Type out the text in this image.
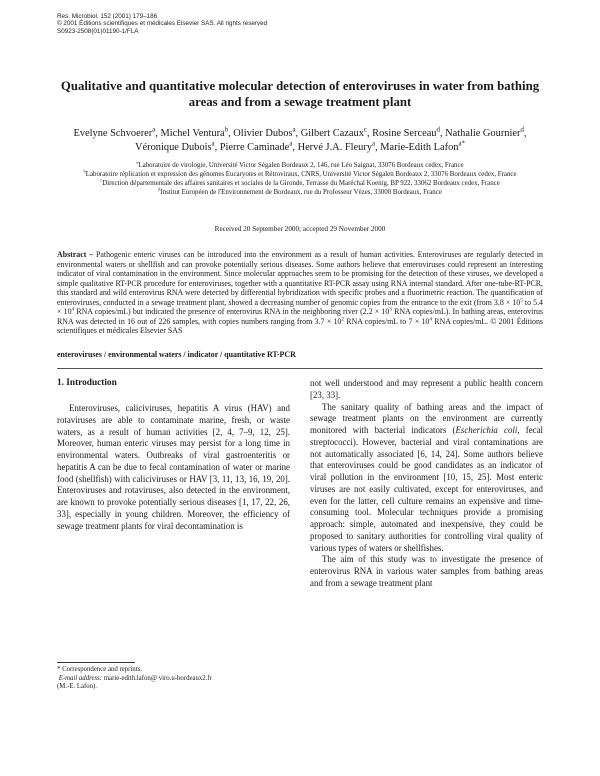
Res. Microbiol. 152 (2001) 179–186
© 2001 Éditions scientifiques et médicales Elsevier SAS. All rights reserved
S0923-2508(01)01190-1/FLA
Qualitative and quantitative molecular detection of enteroviruses in water from bathing areas and from a sewage treatment plant
Evelyne Schvoerer$^a$, Michel Ventura$^b$, Olivier Dubos$^a$, Gilbert Cazaux$^c$, Rosine Serceau$^d$, Nathalie Gournier$^d$, Véronique Dubois$^a$, Pierre Caminade$^a$, Hervé J.A. Fleury$^a$, Marie-Edith Lafon$^{a*}$
$^a$Laboratoire de virologie, Université Victor Ségalen Bordeaux 2, 146, rue Léo Saignat, 33076 Bordeaux cedex, France
$^b$Laboratoire réplication et expression des génomes Eucaryotes et Rétroviraux, CNRS, Université Victor Ségalen Bordeaux 2, 33076 Bordeaux cedex, France
$^c$Direction départementale des affaires sanitaires et sociales de la Gironde, Terrasse du Maréchal Koenig, BP 922, 33062 Bordeaux cedex, France
$^d$Institut Européen de l'Environnement de Bordeaux, rue du Professeur Vèzes, 33000 Bordeaux, France
Received 20 September 2000; accepted 29 November 2000
Abstract – Pathogenic enteric viruses can be introduced into the environment as a result of human activities. Enteroviruses are regularly detected in environmental waters or shellfish and can provoke potentially serious diseases. Some authors believe that enteroviruses could represent an interesting indicator of viral contamination in the environment. Since molecular approaches seem to be promising for the detection of these viruses, we developed a simple qualitative RT-PCR procedure for enteroviruses, together with a quantitative RT-PCR assay using RNA internal standard. After one-tube-RT-PCR, this standard and wild enterovirus RNA were detected by differential hybridization with specific probes and a fluorimetric reaction. The quantification of enteroviruses, conducted in a sewage treatment plant, showed a decreasing number of genomic copies from the entrance to the exit (from $3.8 \times 10^5$ to $5.4 \times 10^4$ RNA copies/mL) but indicated the presence of enterovirus RNA in the neighboring river ($2.2 \times 10^3$ RNA copies/mL). In bathing areas, enterovirus RNA was detected in 16 out of 226 samples, with copies numbers ranging from $3.7 \times 10^2$ RNA copies/mL to $7 \times 10^4$ RNA copies/mL. © 2001 Éditions scientifiques et médicales Elsevier SAS
enteroviruses / environmental waters / indicator / quantitative RT-PCR
1. Introduction

Enteroviruses, caliciviruses, hepatitis A virus (HAV) and rotaviruses are able to contaminate marine, fresh, or waste waters, as a result of human activities [2, 4, 7–9, 12, 25]. Moreover, human enteric viruses may persist for a long time in environmental waters. Outbreaks of viral gastroenteritis or hepatitis A can be due to fecal contamination of water or marine food (shellfish) with caliciviruses or HAV [3, 11, 13, 16, 19, 20]. Enteroviruses and rotaviruses, also detected in the environment, are known to provoke potentially serious diseases [1, 17, 22, 26, 33], especially in young children. Moreover, the efficiency of sewage treatment plants for viral decontamination is

not well understood and may represent a public health concern [23, 33].

The sanitary quality of bathing areas and the impact of sewage treatment plants on the environment are currently monitored with bacterial indicators (Escherichia coli, fecal streptococci). However, bacterial and viral contaminations are not automatically associated [6, 14, 24]. Some authors believe that enteroviruses could be good candidates as an indicator of viral pollution in the environment [10, 15, 25]. Most enteric viruses are not easily cultivated, except for enteroviruses, and even for the latter, cell culture remains an expensive and time-consuming tool. Molecular techniques provide a promising approach: simple, automated and inexpensive, they could be proposed to sanitary authorities for controlling viral quality of various types of waters or shellfishes.

The aim of this study was to investigate the presence of enterovirus RNA in various water samples from bathing areas and from a sewage treatment plant

* Correspondence and reprints.
E-mail address: marie-edith.lafon@ viro.u-bordeaux2.fr
(M.-E. Lafon).
